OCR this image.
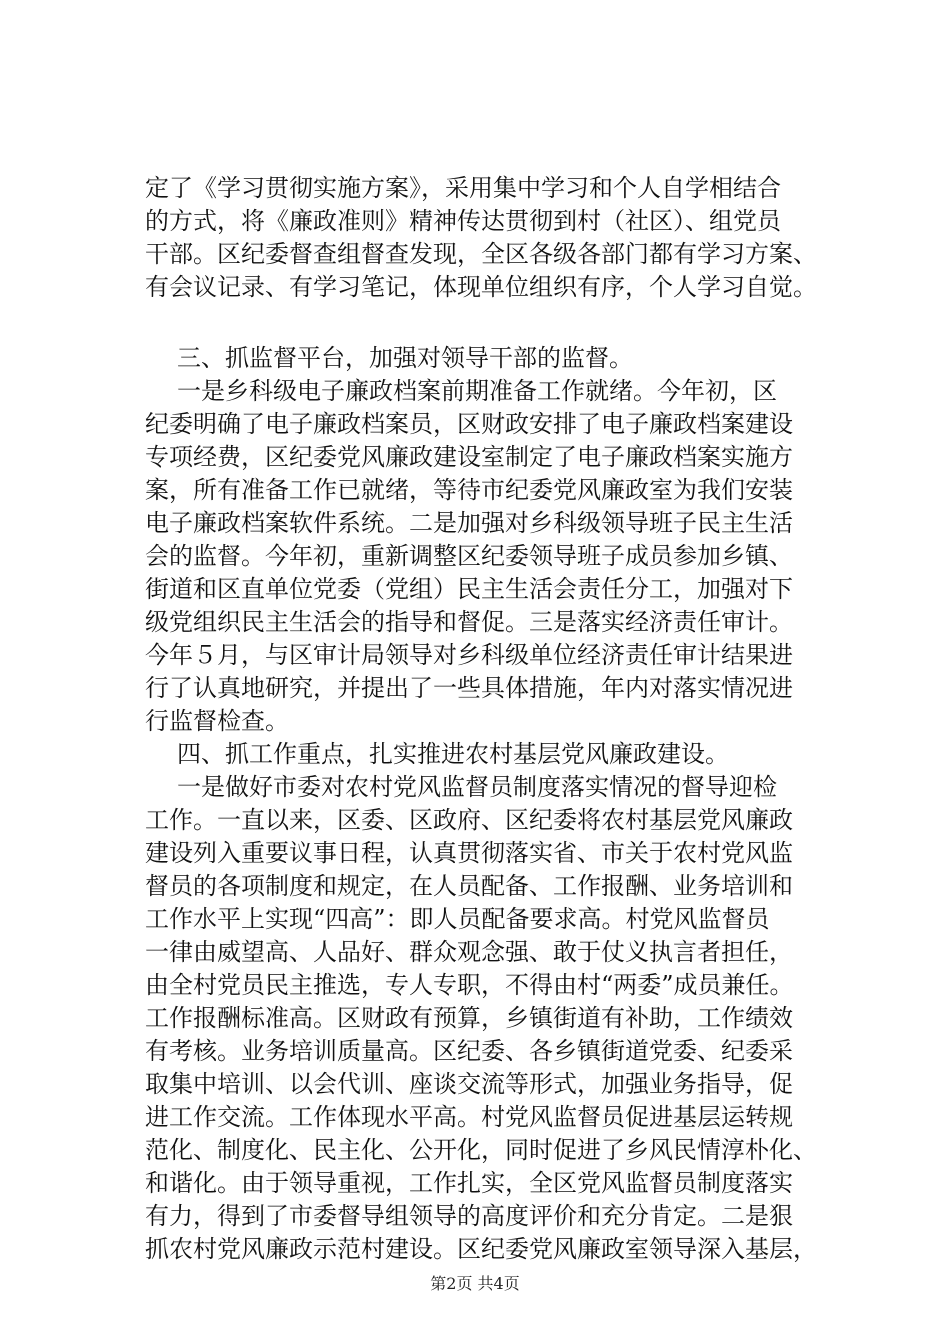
定了《学习贯彻实施方案》，采用集中学习和个人自学相结合
的方式，将《廉政准则》精神传达贯彻到村（社区）、组党员
干部。区纪委督查组督查发现，全区各级各部门都有学习方案、
有会议记录、有学习笔记，体现单位组织有序，个人学习自觉。
三、抓监督平台，加强对领导干部的监督。
一是乡科级电子廉政档案前期准备工作就绪。今年初，区
纪委明确了电子廉政档案员，区财政安排了电子廉政档案建设
专项经费，区纪委党风廉政建设室制定了电子廉政档案实施方
案，所有准备工作已就绪，等待市纪委党风廉政室为我们安装
电子廉政档案软件系统。二是加强对乡科级领导班子民主生活
会的监督。今年初，重新调整区纪委领导班子成员参加乡镇、
街道和区直单位党委（党组）民主生活会责任分工，加强对下
级党组织民主生活会的指导和督促。三是落实经济责任审计。
今年５月，与区审计局领导对乡科级单位经济责任审计结果进
行了认真地研究，并提出了一些具体措施，年内对落实情况进
行监督检查。
四、抓工作重点，扎实推进农村基层党风廉政建设。
一是做好市委对农村党风监督员制度落实情况的督导迎检
工作。一直以来，区委、区政府、区纪委将农村基层党风廉政
建设列入重要议事日程，认真贯彻落实省、市关于农村党风监
督员的各项制度和规定，在人员配备、工作报酬、业务培训和
工作水平上实现“四高”：即人员配备要求高。村党风监督员
一律由威望高、人品好、群众观念强、敢于仗义执言者担任，
由全村党员民主推选，专人专职，不得由村“两委”成员兼任。
工作报酬标准高。区财政有预算，乡镇街道有补助，工作绩效
有考核。业务培训质量高。区纪委、各乡镇街道党委、纪委采
取集中培训、以会代训、座谈交流等形式，加强业务指导，促
进工作交流。工作体现水平高。村党风监督员促进基层运转规
范化、制度化、民主化、公开化，同时促进了乡风民情淳朴化、
和谐化。由于领导重视，工作扎实，全区党风监督员制度落实
有力，得到了市委督导组领导的高度评价和充分肯定。二是狠
抓农村党风廉政示范村建设。区纪委党风廉政室领导深入基层，
第2页 共4页
